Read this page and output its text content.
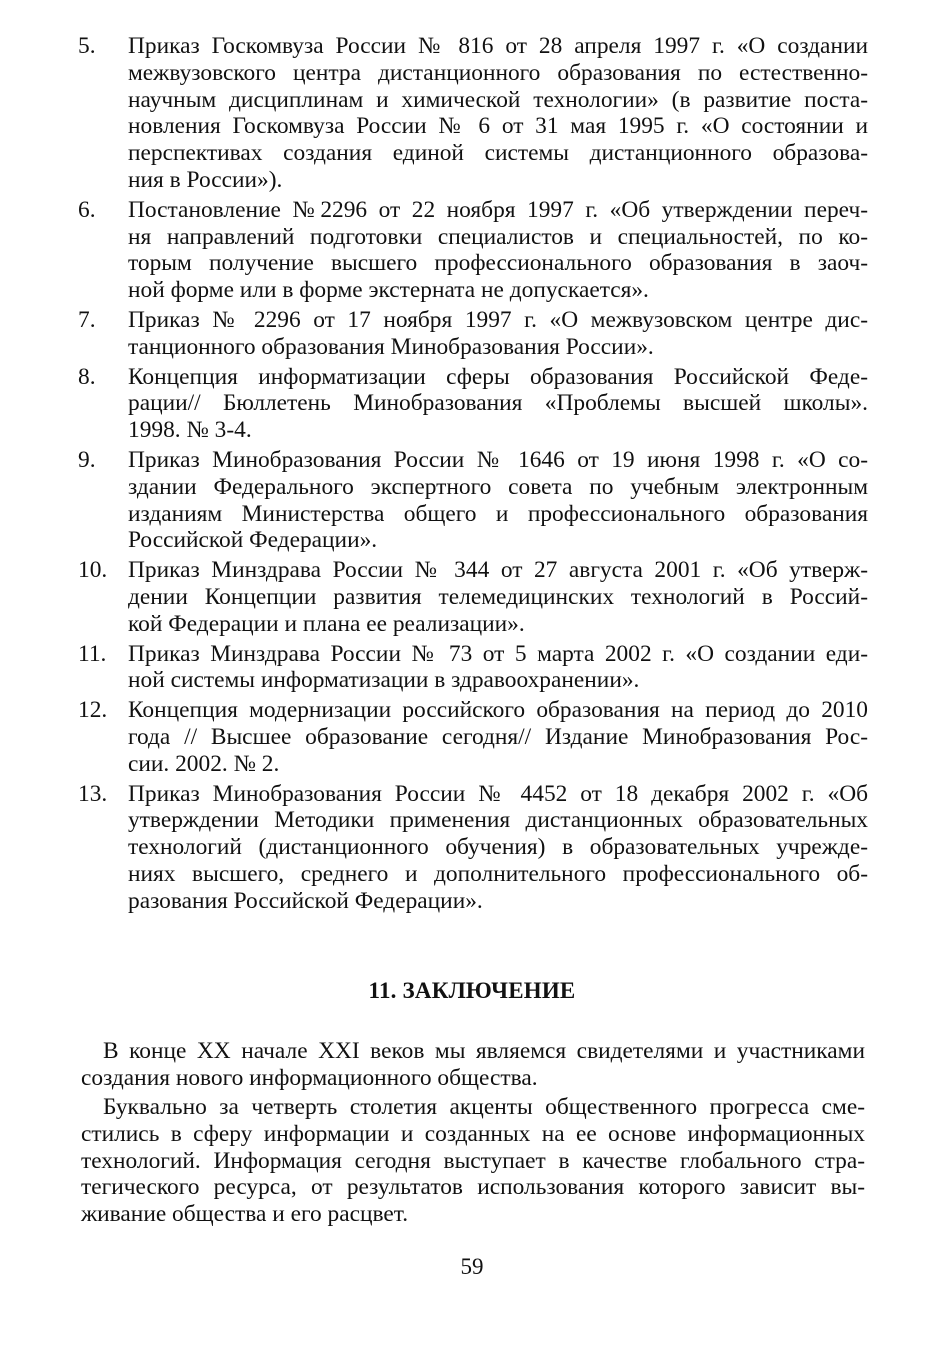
5.	Приказ Госкомвуза России № 816 от 28 апреля 1997 г. «О создании
межвузовского центра дистанционного образования по естественно-
научным дисциплинам и химической технологии» (в развитие поста-
новления Госкомвуза России № 6 от 31 мая 1995 г. «О состоянии и
перспективах создания единой системы дистанционного образова-
ния в России»).
6.	Постановление №2296 от 22 ноября 1997 г. «Об утверждении переч-
ня направлений подготовки специалистов и специальностей, по ко-
торым получение высшего профессионального образования в заоч-
ной форме или в форме экстерната не допускается».
7.	Приказ № 2296 от 17 ноября 1997 г. «О межвузовском центре дис-
танционного образования Минобразования России».
8.	Концепция информатизации сферы образования Российской Феде-
рации// Бюллетень Минобразования «Проблемы высшей школы».
1998. № 3-4.
9.	Приказ Минобразования России № 1646 от 19 июня 1998 г. «О со-
здании Федерального экспертного совета по учебным электронным
изданиям Министерства общего и профессионального образования
Российской Федерации».
10. Приказ Минздрава России № 344 от 27 августа 2001 г. «Об утверж-
дении Концепции развития телемедицинских технологий в Россий-
кой Федерации и плана ее реализации».
11. Приказ Минздрава России № 73 от 5 марта 2002 г. «О создании еди-
ной системы информатизации в здравоохранении».
12. Концепция модернизации российского образования на период до 2010
года // Высшее образование сегодня// Издание Минобразования Рос-
сии. 2002. № 2.
13. Приказ Минобразования России № 4452 от 18 декабря 2002 г. «Об
утверждении Методики применения дистанционных образовательных
технологий (дистанционного обучения) в образовательных учрежде-
ниях высшего, среднего и дополнительного профессионального об-
разования Российской Федерации».
11. ЗАКЛЮЧЕНИЕ
В конце ХХ начале ХХI веков мы являемся свидетелями и участниками
создания нового информационного общества.
Буквально за четверть столетия акценты общественного прогресса сме-
стились в сферу информации и созданных на ее основе информационных
технологий. Информация сегодня выступает в качестве глобального стра-
тегического ресурса, от результатов использования которого зависит вы-
живание общества и его расцвет.
59
